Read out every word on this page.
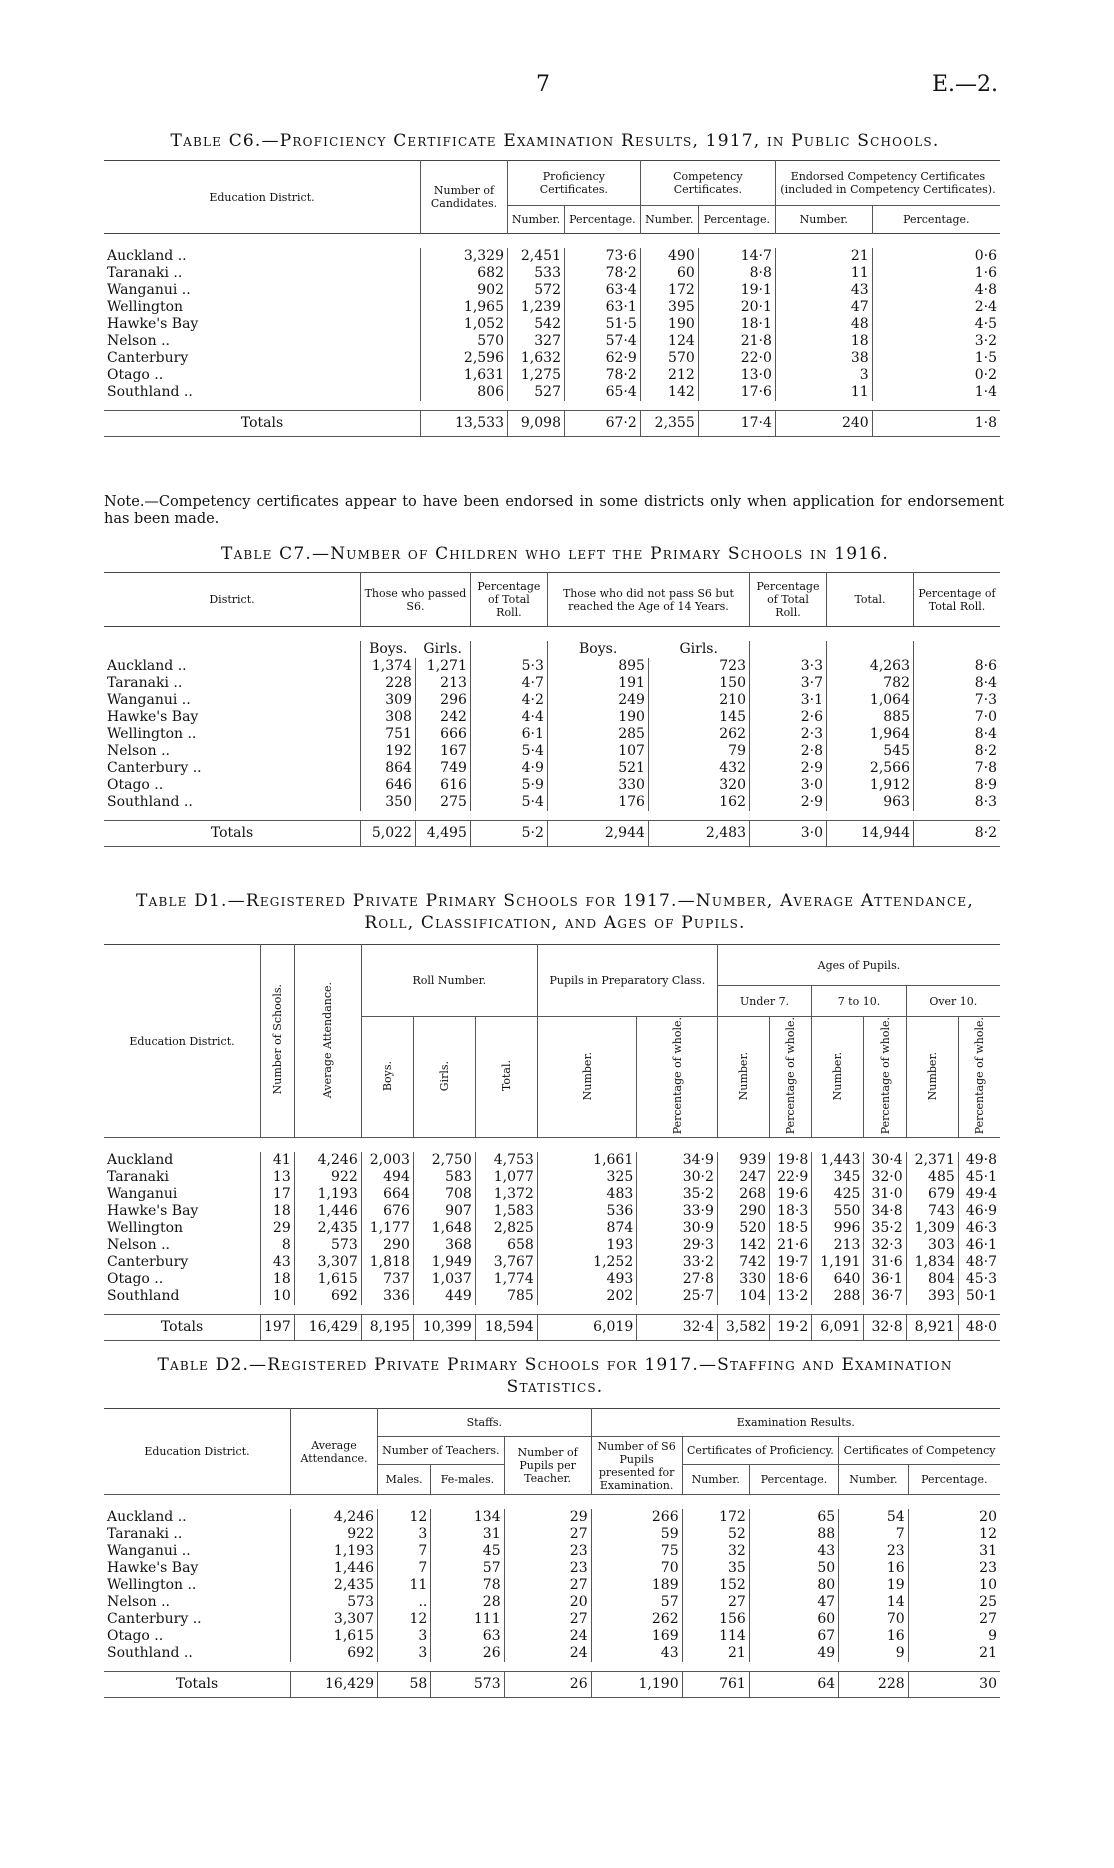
7	E.—2.
Table C6.—Proficiency Certificate Examination Results, 1917, in Public Schools.
Education District.	Number of Candidates.	Proficiency Certificates.		Competency Certificates.		Endorsed Competency Certificates (included in Competency Certificates).	
		Number.	Percentage.	Number.	Percentage.	Number.	Percentage.

Auckland ..	3,329	2,451	73·6	490	14·7	21	0·6
Taranaki ..	682	533	78·2	60	8·8	11	1·6
Wanganui ..	902	572	63·4	172	19·1	43	4·8
Wellington	1,965	1,239	63·1	395	20·1	47	2·4
Hawke's Bay	1,052	542	51·5	190	18·1	48	4·5
Nelson ..	570	327	57·4	124	21·8	18	3·2
Canterbury	2,596	1,632	62·9	570	22·0	38	1·5
Otago ..	1,631	1,275	78·2	212	13·0	3	0·2
Southland ..	806	527	65·4	142	17·6	11	1·4

Totals	13,533	9,098	67·2	2,355	17·4	240	1·8
Note.—Competency certificates appear to have been endorsed in some districts only when application for endorsement has been made.
Table C7.—Number of Children who left the Primary Schools in 1916.
District.	Those who passed S6.		Percentage of Total Roll.	Those who did not pass S6 but reached the Age of 14 Years.		Percentage of Total Roll.	Total.	Percentage of Total Roll.

	Boys.	Girls.		Boys.	Girls.			
Auckland ..	1,374	1,271	5·3	895	723	3·3	4,263	8·6
Taranaki ..	228	213	4·7	191	150	3·7	782	8·4
Wanganui ..	309	296	4·2	249	210	3·1	1,064	7·3
Hawke's Bay	308	242	4·4	190	145	2·6	885	7·0
Wellington ..	751	666	6·1	285	262	2·3	1,964	8·4
Nelson ..	192	167	5·4	107	79	2·8	545	8·2
Canterbury ..	864	749	4·9	521	432	2·9	2,566	7·8
Otago ..	646	616	5·9	330	320	3·0	1,912	8·9
Southland ..	350	275	5·4	176	162	2·9	963	8·3

Totals	5,022	4,495	5·2	2,944	2,483	3·0	14,944	8·2
Table D1.—Registered Private Primary Schools for 1917.—Number, Average Attendance,
Roll, Classification, and Ages of Pupils.
Education District.	Number of Schools.	Average Attendance.	Roll Number.			Pupils in Preparatory Class.		Ages of Pupils.					
								Under 7.		7 to 10.		Over 10.	
			Boys.	Girls.	Total.	Number.	Percentage of whole.	Number.	Percentage of whole.	Number.	Percentage of whole.	Number.	Percentage of whole.

Auckland	41	4,246	2,003	2,750	4,753	1,661	34·9	939	19·8	1,443	30·4	2,371	49·8
Taranaki	13	922	494	583	1,077	325	30·2	247	22·9	345	32·0	485	45·1
Wanganui	17	1,193	664	708	1,372	483	35·2	268	19·6	425	31·0	679	49·4
Hawke's Bay	18	1,446	676	907	1,583	536	33·9	290	18·3	550	34·8	743	46·9
Wellington	29	2,435	1,177	1,648	2,825	874	30·9	520	18·5	996	35·2	1,309	46·3
Nelson ..	8	573	290	368	658	193	29·3	142	21·6	213	32·3	303	46·1
Canterbury	43	3,307	1,818	1,949	3,767	1,252	33·2	742	19·7	1,191	31·6	1,834	48·7
Otago ..	18	1,615	737	1,037	1,774	493	27·8	330	18·6	640	36·1	804	45·3
Southland	10	692	336	449	785	202	25·7	104	13·2	288	36·7	393	50·1

Totals	197	16,429	8,195	10,399	18,594	6,019	32·4	3,582	19·2	6,091	32·8	8,921	48·0
Table D2.—Registered Private Primary Schools for 1917.—Staffing and Examination
Statistics.
Education District.	Average Attendance.	Staffs.			Examination Results.				
		Number of Teachers.		Number of Pupils per Teacher.	Number of S6 Pupils presented for Examination.	Certificates of Proficiency.		Certificates of Competency	
		Males.	Fe-males.			Number.	Percentage.	Number.	Percentage.

Auckland ..	4,246	12	134	29	266	172	65	54	20
Taranaki ..	922	3	31	27	59	52	88	7	12
Wanganui ..	1,193	7	45	23	75	32	43	23	31
Hawke's Bay	1,446	7	57	23	70	35	50	16	23
Wellington ..	2,435	11	78	27	189	152	80	19	10
Nelson ..	573	..	28	20	57	27	47	14	25
Canterbury ..	3,307	12	111	27	262	156	60	70	27
Otago ..	1,615	3	63	24	169	114	67	16	9
Southland ..	692	3	26	24	43	21	49	9	21

Totals	16,429	58	573	26	1,190	761	64	228	30
